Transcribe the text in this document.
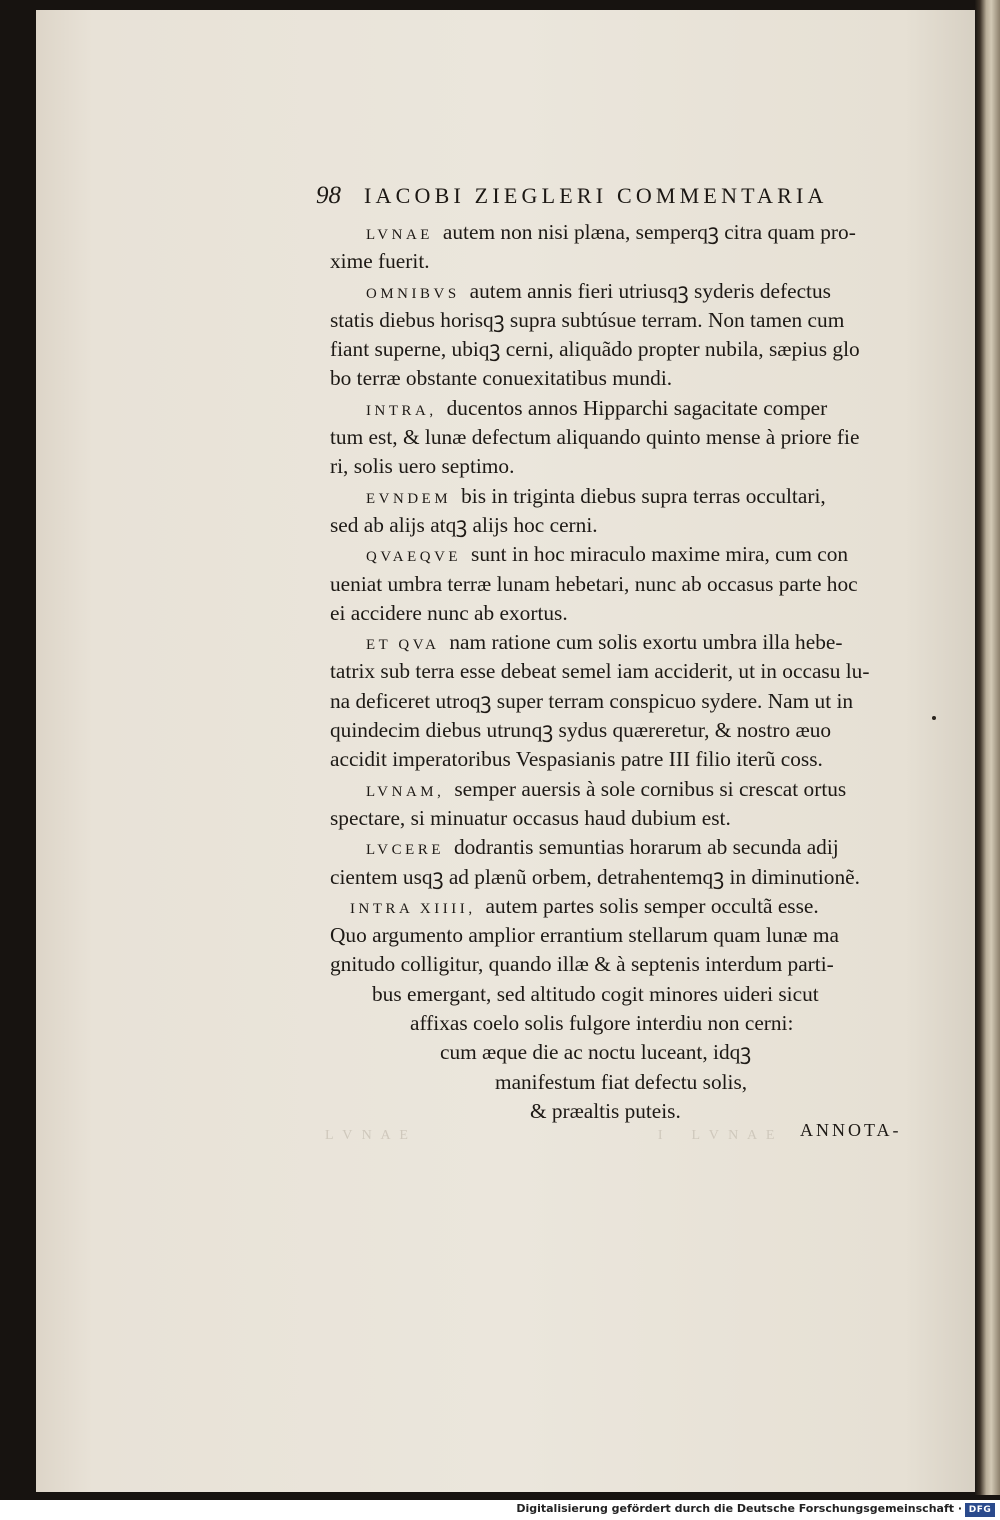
L V N A E                                      I    L V N A E
98	IACOBI ZIEGLERI COMMENTARIA
LVNAE autem non nisi plæna, semperqꝫ citra quam pro-
xime fuerit.
OMNIBVS autem annis fieri utriusqꝫ syderis defectus
statis diebus horisqꝫ supra subtúsue terram. Non tamen cum
fiant superne, ubiqꝫ cerni, aliquãdo propter nubila, sæpius glo
bo terræ obstante conuexitatibus mundi.
INTRA, ducentos annos Hipparchi sagacitate comper
tum est, & lunæ defectum aliquando quinto mense à priore fie
ri, solis uero septimo.
EVNDEM bis in triginta diebus supra terras occultari,
sed ab alijs atqꝫ alijs hoc cerni.
QVAEQVE sunt in hoc miraculo maxime mira, cum con
ueniat umbra terræ lunam hebetari, nunc ab occasus parte hoc
ei accidere nunc ab exortus.
ET QVA nam ratione cum solis exortu umbra illa hebe-
tatrix sub terra esse debeat semel iam acciderit, ut in occasu lu-
na deficeret utroqꝫ super terram conspicuo sydere. Nam ut in
quindecim diebus utrunqꝫ sydus quæreretur, & nostro æuo
accidit imperatoribus Vespasianis patre III filio iterũ coss.
LVNAM, semper auersis à sole cornibus si crescat ortus
spectare, si minuatur occasus haud dubium est.
LVCERE dodrantis semuntias horarum ab secunda adij
cientem usqꝫ ad plænũ orbem, detrahentemqꝫ in diminutionẽ.
INTRA XIIII, autem partes solis semper occultã esse.
Quo argumento amplior errantium stellarum quam lunæ ma
gnitudo colligitur, quando illæ & à septenis interdum parti-
bus emergant, sed altitudo cogit minores uideri sicut
affixas coelo solis fulgore interdiu non cerni:
cum æque die ac noctu luceant, idqꝫ
manifestum fiat defectu solis,
& præaltis puteis.
ANNOTA-
Digitalisierung gefördert durch die Deutsche Forschungsgemeinschaft · DFG
